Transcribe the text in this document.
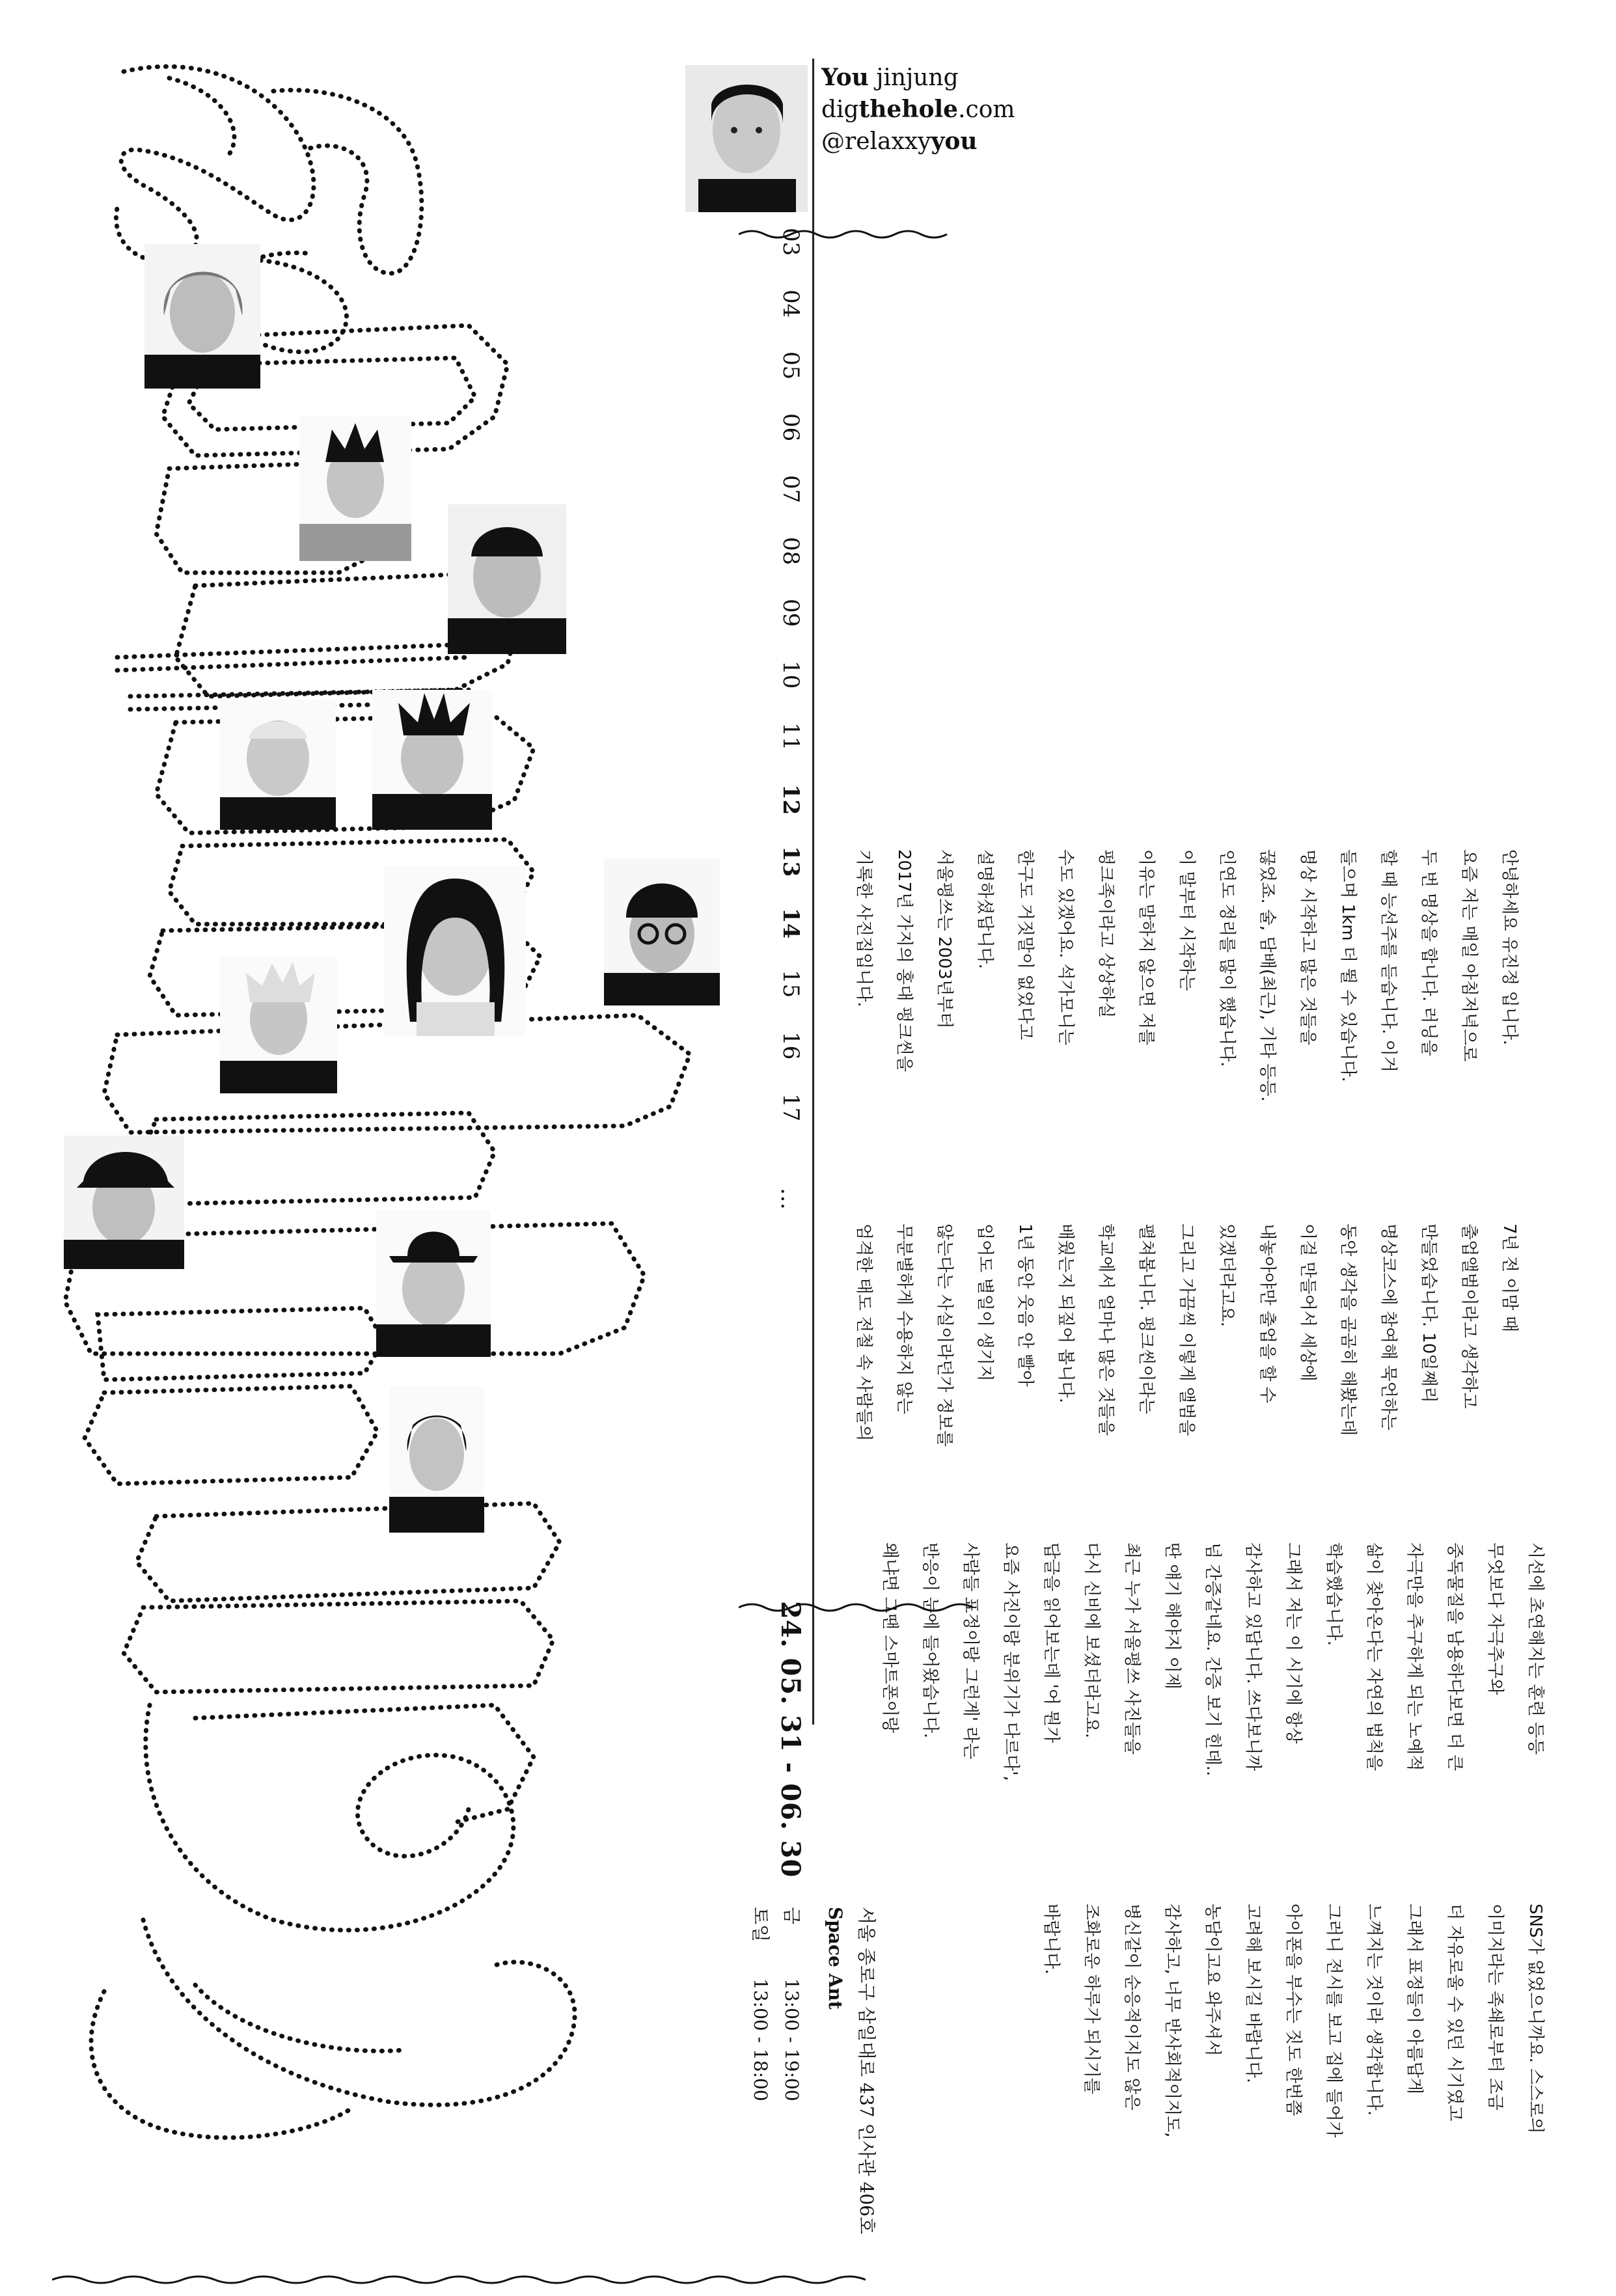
You jinjung
digthehole.com
@relaxxyyou
030405060708091011121314151617
…
24. 05. 31 - 06. 30

안녕하세요 유진정 입니다.

요즘 저는 매일 아침저녁으로

두 번 명상을 합니다. 러닝을

할 때 능선주를 듣습니다. 이거

들으며 1km 더 뛸 수 있습니다.

명상 시작하고 많은 것들을

끊었죠. 술, 담배(최근), 기타 등등.

인연도 정리를 많이 했습니다.

이 말부터 시작하는

이유는 말하지 않으면 저를

펑크족이라고 상상하실

수도 있겠어요. 석가모니는

한구도 거짓말이 없었다고

설명하셨답니다.

서울평쓰는 2003년부터

2017년 가지의 홍대 펑크씬을

기록한 사진집입니다.

7년 전 이맘 때

출업앨범이라고 생각하고

만들었습니다. 10일째리

명상코스에 참여해 묵언하는

동안 생각을 곰곰히 해봤는데

이걸 만들어서 세상에

내놓아야만 출업을 할 수

있겠더라고요.

그리고 가끔씩 이렇게 앨범을

펼쳐봅니다. 펑크씬이라는

학교에서 얼마나 많은 것들을

배웠는지 되짚어 봅니다.

1년 동안 웃음 안 빨아

입어도 별일이 생기지

않는다는 사실이라던가 정보를

무분별하게 수용하지 않는

엄격한 태도 전철 속 사람들의

시선에 초연해지는 훈련 등등

무엇보다 자극추구와

중독물질을 남용하다보면 더 큰

자극만을 추구하게 되는 노예적

삶이 찾아온다는 자연의 법칙을

학습했습니다.

그래서 저는 이 시기에 항상

감사하고 있답니다. 쓰다보니까

넘 간증같네요. 간증 보기 힌데..

딴 얘기 해야지 이제

최근 누가 서울평쓰 사진들을

다시 신비에 보셨더라고요.

답글을 읽어보는데 '어 뭔가

요즘 사진이랑 분위기가 다르다',

사람들 표정이랑 그런게' 라는

반응이 눈에 들어왔습니다.

왜냐면 그땐 스마트폰이랑

SNS가 없었으니까요. 스스로의

이미지라는 족쇄로부터 조금

더 자유로울 수 있던 시기였고

그래서 표정들이 아름답게

느껴지는 것이라 생각합니다.

그러니 전시를 보고 집에 들어가

아이폰을 부수는 짓도 한번쯤

고려해 보시길 바랍니다.

농담이고요 와주셔서

감사하고, 너무 반사회적이지도,

병신같이 순응적이지도 않은

조화로운 하루가 되시기를

바랍니다.

서울 종로구 삼일대로 437 인사관 406호
Space Ant
금13:00 - 19:00
토일13:00 - 18:00
